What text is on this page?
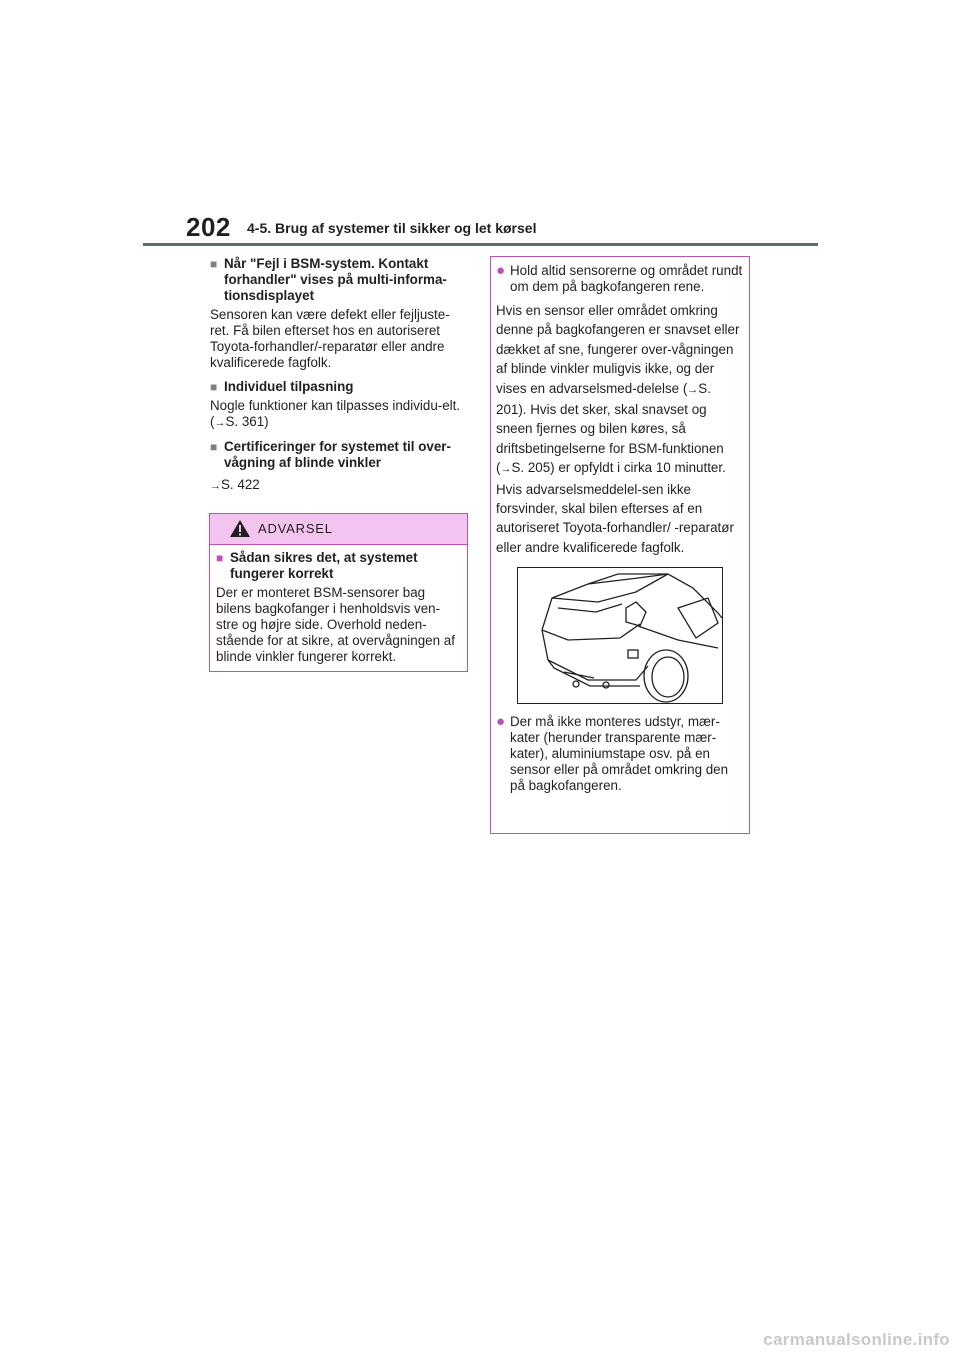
202 4-5. Brug af systemer til sikker og let kørsel

■ Når "Fejl i BSM-system. Kontakt forhandler" vises på multi-informa-tionsdisplayet

Sensoren kan være defekt eller fejljuste-ret. Få bilen efterset hos en autoriseret Toyota-forhandler/-reparatør eller andre kvalificerede fagfolk.

■ Individuel tilpasning

Nogle funktioner kan tilpasses individu-elt. (→S. 361)

■ Certificeringer for systemet til over-vågning af blinde vinkler

→S. 422

ADVARSEL

■ Sådan sikres det, at systemet fungerer korrekt

Der er monteret BSM-sensorer bag bilens bagkofanger i henholdsvis ven-stre og højre side. Overhold neden-stående for at sikre, at overvågningen af blinde vinkler fungerer korrekt.

● Hold altid sensorerne og området rundt om dem på bagkofangeren rene.

Hvis en sensor eller området omkring denne på bagkofangeren er snavset eller dækket af sne, fungerer over-vågningen af blinde vinkler muligvis ikke, og der vises en advarselsmed-delelse (→S. 201). Hvis det sker, skal snavset og sneen fjernes og bilen køres, så driftsbetingelserne for BSM-funktionen (→S. 205) er opfyldt i cirka 10 minutter. Hvis advarselsmeddelel-sen ikke forsvinder, skal bilen efterses af en autoriseret Toyota-forhandler/ -reparatør eller andre kvalificerede fagfolk.

● Der må ikke monteres udstyr, mær-kater (herunder transparente mær-kater), aluminiumstape osv. på en sensor eller på området omkring den på bagkofangeren.

carmanualsonline.info
